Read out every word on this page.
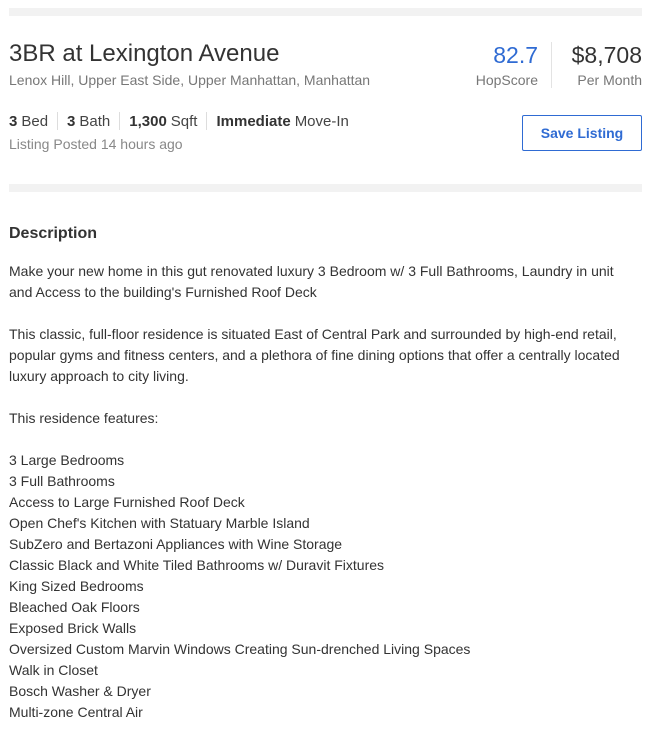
3BR at Lexington Avenue
Lenox Hill, Upper East Side, Upper Manhattan, Manhattan
82.7
HopScore
$8,708
Per Month
3 Bed 3 Bath 1,300 Sqft Immediate Move-In
Listing Posted 14 hours ago
Save Listing
Description

Make your new home in this gut renovated luxury 3 Bedroom w/ 3 Full Bathrooms, Laundry in unit and Access to the building's Furnished Roof Deck

This classic, full-floor residence is situated East of Central Park and surrounded by high-end retail, popular gyms and fitness centers, and a plethora of fine dining options that offer a centrally located luxury approach to city living.

This residence features:

3 Large Bedrooms
3 Full Bathrooms
Access to Large Furnished Roof Deck
Open Chef's Kitchen with Statuary Marble Island
SubZero and Bertazoni Appliances with Wine Storage
Classic Black and White Tiled Bathrooms w/ Duravit Fixtures
King Sized Bedrooms
Bleached Oak Floors
Exposed Brick Walls
Oversized Custom Marvin Windows Creating Sun-drenched Living Spaces
Walk in Closet
Bosch Washer & Dryer
Multi-zone Central Air
